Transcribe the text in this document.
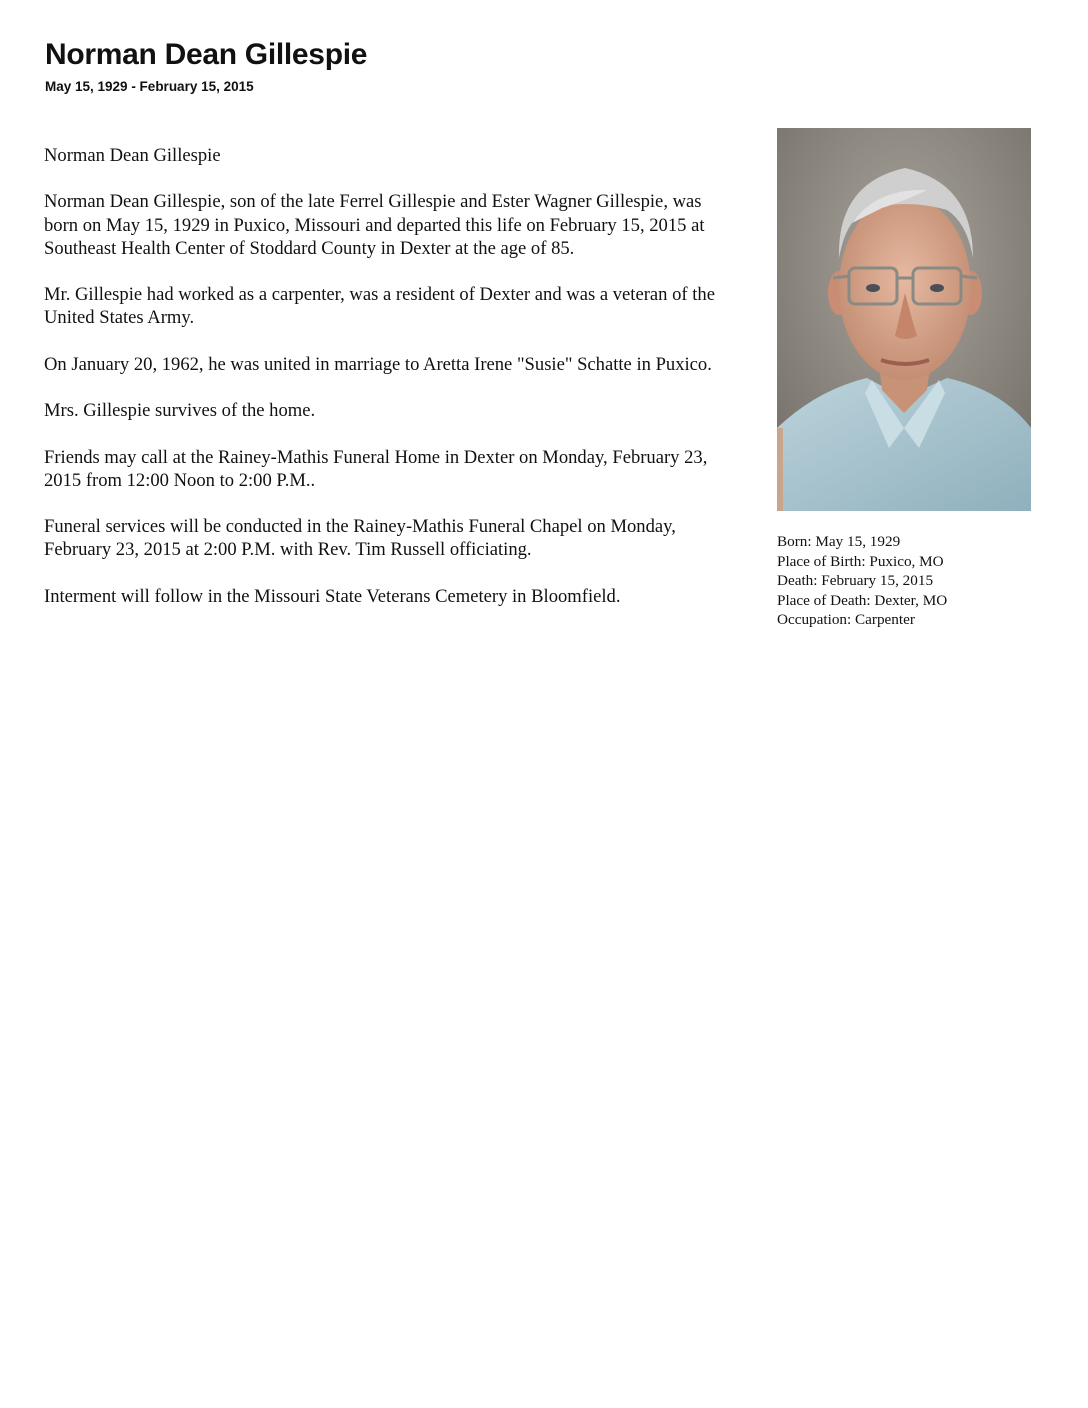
Norman Dean Gillespie
May 15, 1929 - February 15, 2015

Norman Dean Gillespie

Norman Dean Gillespie, son of the late Ferrel Gillespie and Ester Wagner Gillespie, was born on May 15, 1929 in Puxico, Missouri and departed this life on February 15, 2015 at Southeast Health Center of Stoddard County in Dexter at the age of 85.

Mr. Gillespie had worked as a carpenter, was a resident of Dexter and was a veteran of the United States Army.

On January 20, 1962, he was united in marriage to Aretta Irene "Susie" Schatte in Puxico.

Mrs. Gillespie survives of the home.

Friends may call at the Rainey-Mathis Funeral Home in Dexter on Monday, February 23, 2015 from 12:00 Noon to 2:00 P.M..

Funeral services will be conducted in the Rainey-Mathis Funeral Chapel on Monday, February 23, 2015 at 2:00 P.M. with Rev. Tim Russell officiating.

Interment will follow in the Missouri State Veterans Cemetery in Bloomfield.

Born: May 15, 1929
Place of Birth: Puxico, MO
Death: February 15, 2015
Place of Death: Dexter, MO
Occupation: Carpenter
